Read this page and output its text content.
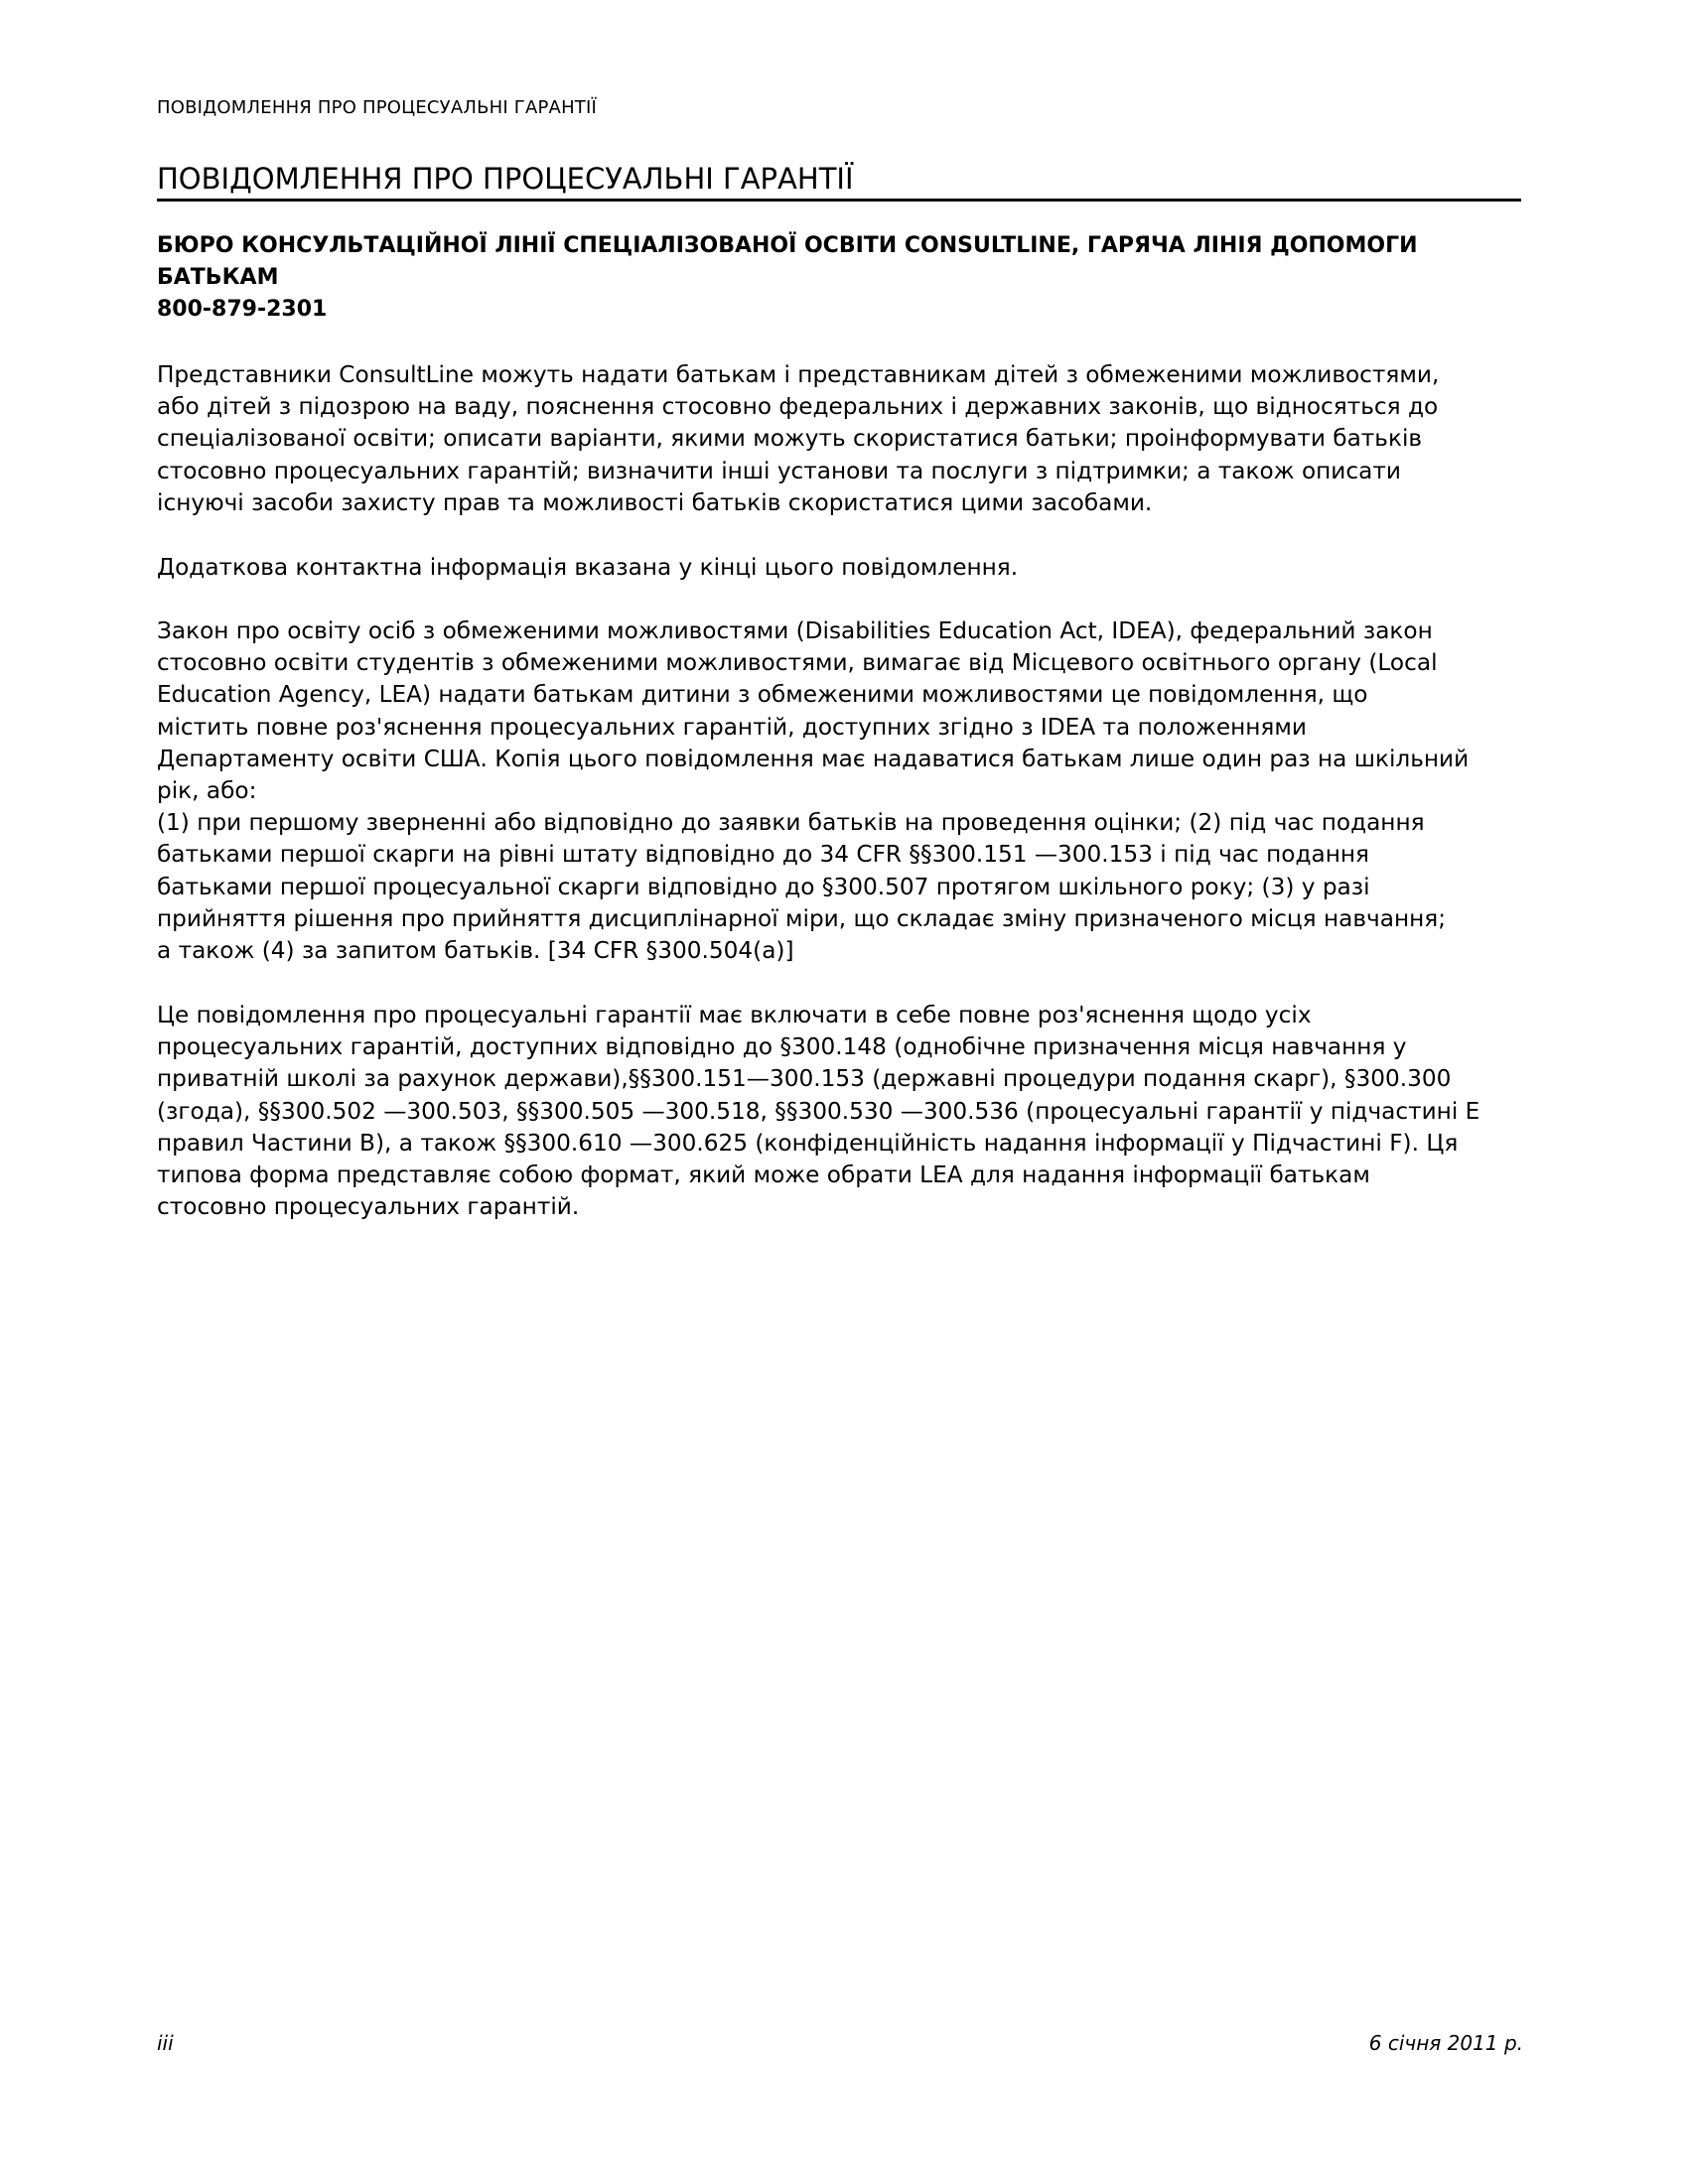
ПОВІДОМЛЕННЯ ПРО ПРОЦЕСУАЛЬНІ ГАРАНТІЇ
ПОВІДОМЛЕННЯ ПРО ПРОЦЕСУАЛЬНІ ГАРАНТІЇ
БЮРО КОНСУЛЬТАЦІЙНОЇ ЛІНІЇ СПЕЦІАЛІЗОВАНОЇ ОСВІТИ CONSULTLINE, ГАРЯЧА ЛІНІЯ ДОПОМОГИ
БАТЬКАМ
800-879-2301
Представники ConsultLine можуть надати батькам і представникам дітей з обмеженими можливостями,
або дітей з підозрою на ваду, пояснення стосовно федеральних і державних законів, що відносяться до
спеціалізованої освіти; описати варіанти, якими можуть скористатися батьки; проінформувати батьків
стосовно процесуальних гарантій; визначити інші установи та послуги з підтримки; а також описати
існуючі засоби захисту прав та можливості батьків скористатися цими засобами.
Додаткова контактна інформація вказана у кінці цього повідомлення.
Закон про освіту осіб з обмеженими можливостями (Disabilities Education Act, IDEA), федеральний закон
стосовно освіти студентів з обмеженими можливостями, вимагає від Місцевого освітнього органу (Local
Education Agency, LEA) надати батькам дитини з обмеженими можливостями це повідомлення, що
містить повне роз'яснення процесуальних гарантій, доступних згідно з IDEA та положеннями
Департаменту освіти США. Копія цього повідомлення має надаватися батькам лише один раз на шкільний
рік, або:
(1) при першому зверненні або відповідно до заявки батьків на проведення оцінки; (2) під час подання
батьками першої скарги на рівні штату відповідно до 34 CFR §§300.151 —300.153 і під час подання
батьками першої процесуальної скарги відповідно до §300.507 протягом шкільного року; (3) у разі
прийняття рішення про прийняття дисциплінарної міри, що складає зміну призначеного місця навчання;
а також (4) за запитом батьків. [34 CFR §300.504(a)]
Це повідомлення про процесуальні гарантії має включати в себе повне роз'яснення щодо усіх
процесуальних гарантій, доступних відповідно до §300.148 (однобічне призначення місця навчання у
приватній школі за рахунок держави),§§300.151—300.153 (державні процедури подання скарг), §300.300
(згода), §§300.502 —300.503, §§300.505 —300.518, §§300.530 —300.536 (процесуальні гарантії у підчастині E
правил Частини B), а також §§300.610 —300.625 (конфіденційність надання інформації у Підчастині F). Ця
типова форма представляє собою формат, який може обрати LEA для надання інформації батькам
стосовно процесуальних гарантій.
iii	6 січня 2011 р.
